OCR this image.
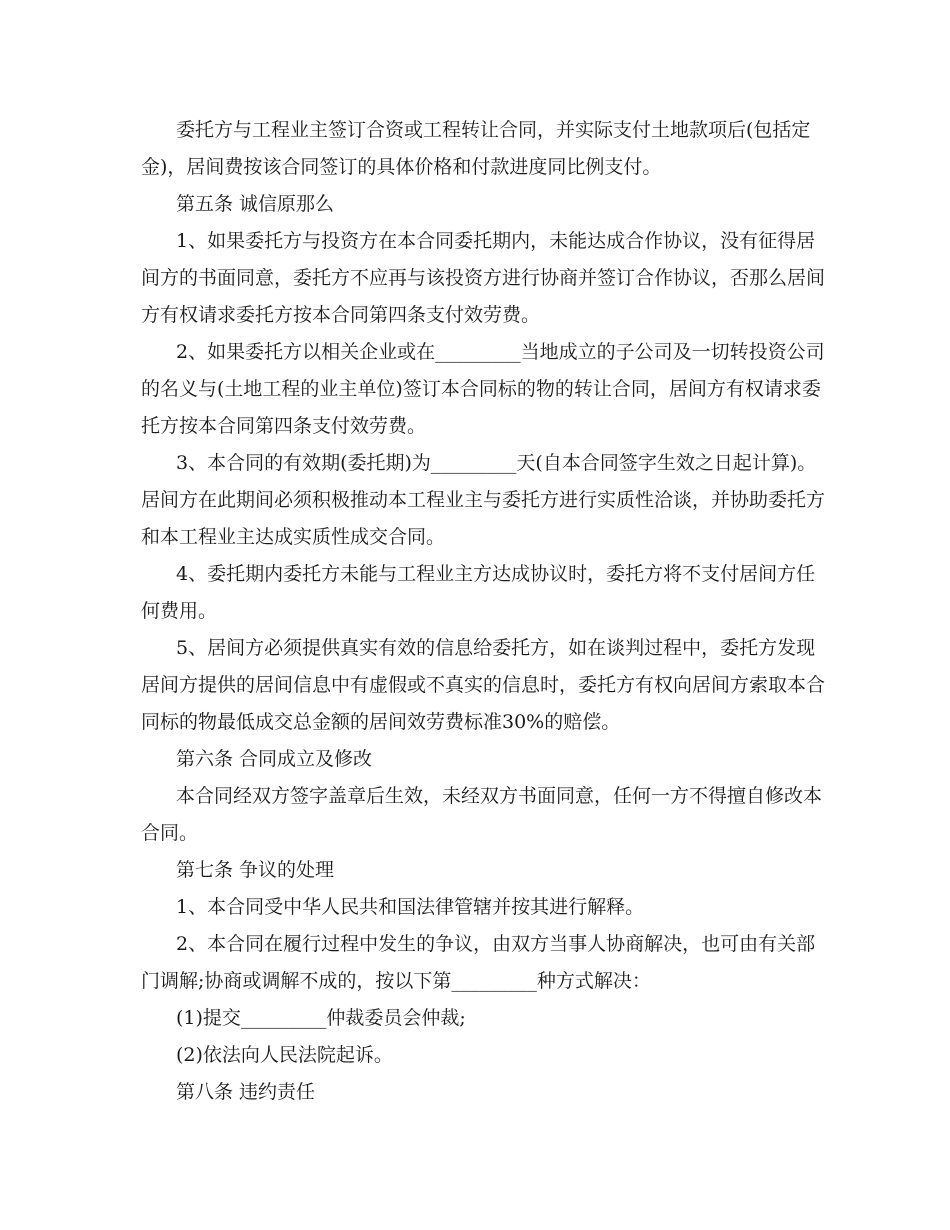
委托方与工程业主签订合资或工程转让合同，并实际支付土地款项后(包括定

金)，居间费按该合同签订的具体价格和付款进度同比例支付。

第五条 诚信原那么

1、如果委托方与投资方在本合同委托期内，未能达成合作协议，没有征得居

间方的书面同意，委托方不应再与该投资方进行协商并签订合作协议，否那么居间

方有权请求委托方按本合同第四条支付效劳费。

2、如果委托方以相关企业或在_________当地成立的子公司及一切转投资公司

的名义与(土地工程的业主单位)签订本合同标的物的转让合同，居间方有权请求委

托方按本合同第四条支付效劳费。

3、本合同的有效期(委托期)为_________天(自本合同签字生效之日起计算)。

居间方在此期间必须积极推动本工程业主与委托方进行实质性洽谈，并协助委托方

和本工程业主达成实质性成交合同。

4、委托期内委托方未能与工程业主方达成协议时，委托方将不支付居间方任

何费用。

5、居间方必须提供真实有效的信息给委托方，如在谈判过程中，委托方发现

居间方提供的居间信息中有虚假或不真实的信息时，委托方有权向居间方索取本合

同标的物最低成交总金额的居间效劳费标准30%的赔偿。

第六条 合同成立及修改

本合同经双方签字盖章后生效，未经双方书面同意，任何一方不得擅自修改本

合同。

第七条 争议的处理

1、本合同受中华人民共和国法律管辖并按其进行解释。

2、本合同在履行过程中发生的争议，由双方当事人协商解决，也可由有关部

门调解;协商或调解不成的，按以下第_________种方式解决：

(1)提交_________仲裁委员会仲裁;

(2)依法向人民法院起诉。

第八条 违约责任
